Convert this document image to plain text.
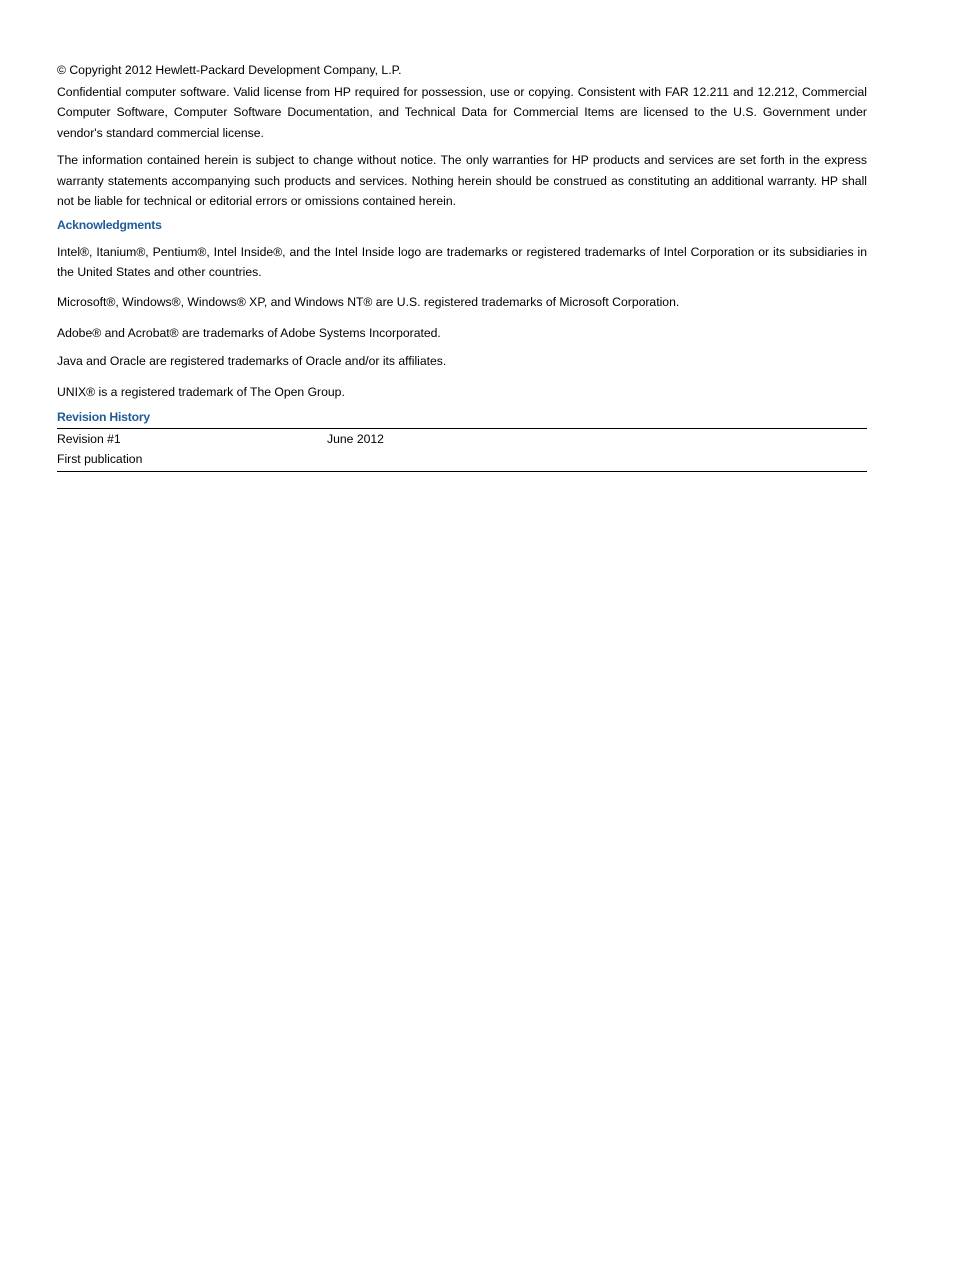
© Copyright 2012 Hewlett-Packard Development Company, L.P.

Confidential computer software. Valid license from HP required for possession, use or copying. Consistent with FAR 12.211 and 12.212, Commercial Computer Software, Computer Software Documentation, and Technical Data for Commercial Items are licensed to the U.S. Government under vendor's standard commercial license.

The information contained herein is subject to change without notice. The only warranties for HP products and services are set forth in the express warranty statements accompanying such products and services. Nothing herein should be construed as constituting an additional warranty. HP shall not be liable for technical or editorial errors or omissions contained herein.

Acknowledgments

Intel®, Itanium®, Pentium®, Intel Inside®, and the Intel Inside logo are trademarks or registered trademarks of Intel Corporation or its subsidiaries in the United States and other countries.

Microsoft®, Windows®, Windows® XP, and Windows NT® are U.S. registered trademarks of Microsoft Corporation.

Adobe® and Acrobat® are trademarks of Adobe Systems Incorporated.

Java and Oracle are registered trademarks of Oracle and/or its affiliates.

UNIX® is a registered trademark of The Open Group.

Revision History
Revision #1	June 2012
First publication
